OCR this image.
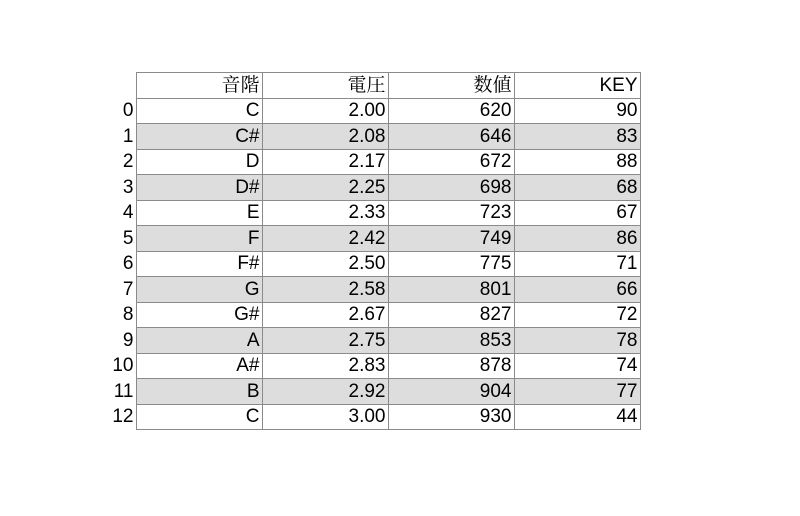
	音階	電圧	数値	KEY
0	C	2.00	620	90
1	C#	2.08	646	83
2	D	2.17	672	88
3	D#	2.25	698	68
4	E	2.33	723	67
5	F	2.42	749	86
6	F#	2.50	775	71
7	G	2.58	801	66
8	G#	2.67	827	72
9	A	2.75	853	78
10	A#	2.83	878	74
11	B	2.92	904	77
12	C	3.00	930	44
